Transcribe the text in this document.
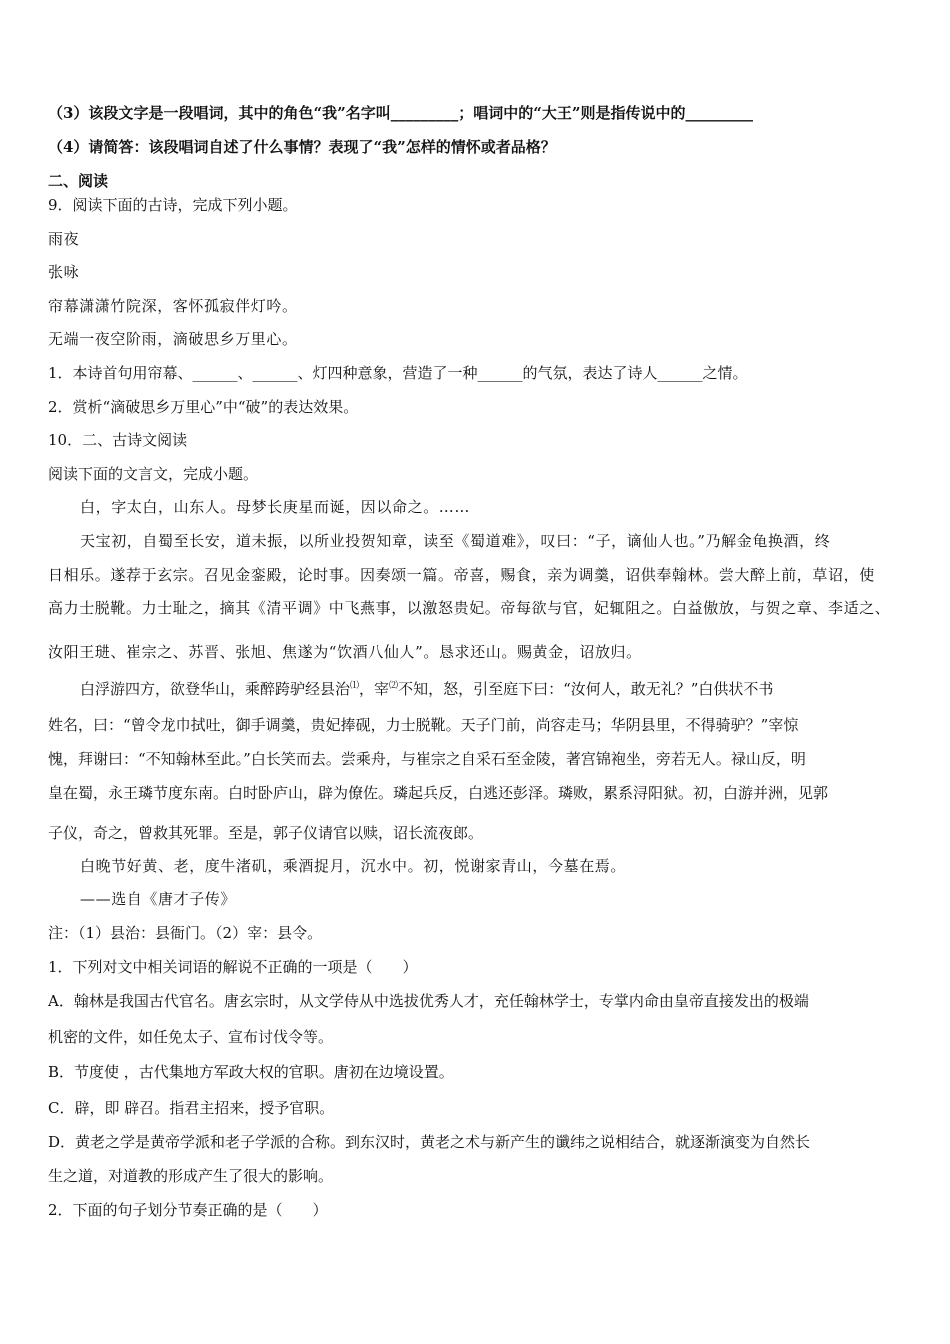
（3）该段文字是一段唱词，其中的角色“我”名字叫_________；唱词中的“大王”则是指传说中的_________
（4）请简答：该段唱词自述了什么事情？表现了“我”怎样的情怀或者品格？
二、阅读
9．阅读下面的古诗，完成下列小题。
雨夜
张咏
帘幕潇潇竹院深，客怀孤寂伴灯吟。
无端一夜空阶雨，滴破思乡万里心。
1．本诗首句用帘幕、______、______、灯四种意象，营造了一种______的气氛，表达了诗人______之情。
2．赏析“滴破思乡万里心”中“破”的表达效果。
10．二、古诗文阅读
阅读下面的文言文，完成小题。
白，字太白，山东人。母梦长庚星而诞，因以命之。……
天宝初，自蜀至长安，道未振，以所业投贺知章，读至《蜀道难》，叹曰：“子，谪仙人也。”乃解金龟换酒，终
日相乐。遂荐于玄宗。召见金銮殿，论时事。因奏颂一篇。帝喜，赐食，亲为调羹，诏供奉翰林。尝大醉上前，草诏，使
高力士脱靴。力士耻之，摘其《清平调》中飞燕事，以激怒贵妃。帝每欲与官，妃辄阻之。白益傲放，与贺之章、李适之、
汝阳王琎、崔宗之、苏晋、张旭、焦遂为“饮酒八仙人”。恳求还山。赐黄金，诏放归。
白浮游四方，欲登华山，乘醉跨驴经县治⑴，宰⑵不知，怒，引至庭下曰：“汝何人，敢无礼？”白供状不书
姓名，曰：“曾令龙巾拭吐，御手调羹，贵妃捧砚，力士脱靴。天子门前，尚容走马；华阴县里，不得骑驴？”宰惊
愧，拜谢曰：“不知翰林至此。”白长笑而去。尝乘舟，与崔宗之自采石至金陵，著宫锦袍坐，旁若无人。禄山反，明
皇在蜀，永王璘节度东南。白时卧庐山，辟为僚佐。璘起兵反，白逃还彭泽。璘败，累系浔阳狱。初，白游并洲，见郭
子仪，奇之，曾救其死罪。至是，郭子仪请官以赎，诏长流夜郎。
白晚节好黄、老，度牛渚矶，乘酒捉月，沉水中。初，悦谢家青山，今墓在焉。
——选自《唐才子传》
注：（1）县治：县衙门。（2）宰：县令。
1．下列对文中相关词语的解说不正确的一项是（　　）
A．翰林是我国古代官名。唐玄宗时，从文学侍从中选拔优秀人才，充任翰林学士，专掌内命由皇帝直接发出的极端
机密的文件，如任免太子、宣布讨伐令等。
B．节度使 ，古代集地方军政大权的官职。唐初在边境设置。
C．辟，即 辟召。指君主招来，授予官职。
D．黄老之学是黄帝学派和老子学派的合称。到东汉时，黄老之术与新产生的谶纬之说相结合，就逐渐演变为自然长
生之道，对道教的形成产生了很大的影响。
2．下面的句子划分节奏正确的是（　　）
